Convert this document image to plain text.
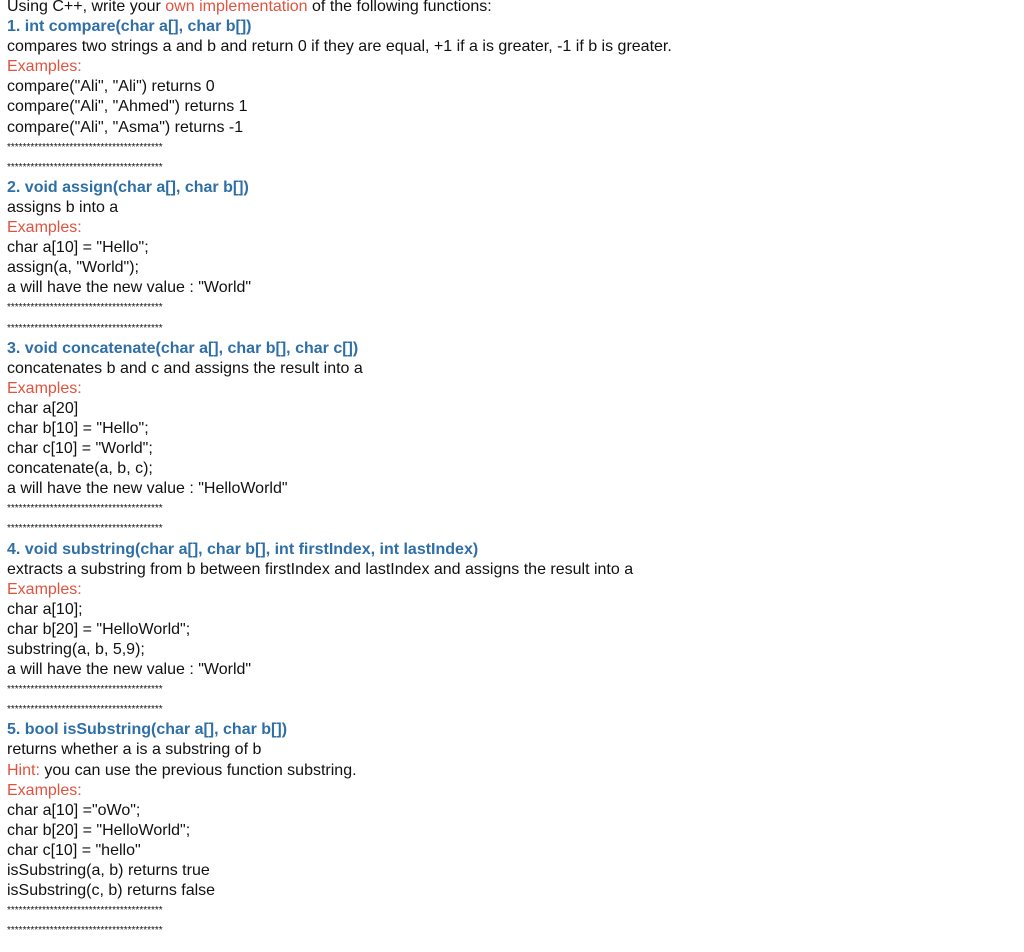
Using C++, write your own implementation of the following functions:
1. int compare(char a[], char b[])
compares two strings a and b and return 0 if they are equal, +1 if a is greater, -1 if b is greater.
Examples:
compare("Ali", "Ali") returns 0
compare("Ali", "Ahmed") returns 1
compare("Ali", "Asma") returns -1
****************************************
****************************************
2. void assign(char a[], char b[])
assigns b into a
Examples:
char a[10] = "Hello";
assign(a, "World");
a will have the new value : "World"
****************************************
****************************************
3. void concatenate(char a[], char b[], char c[])
concatenates b and c and assigns the result into a
Examples:
char a[20]
char b[10] = "Hello";
char c[10] = "World";
concatenate(a, b, c);
a will have the new value : "HelloWorld"
****************************************
****************************************
4. void substring(char a[], char b[], int firstIndex, int lastIndex)
extracts a substring from b between firstIndex and lastIndex and assigns the result into a
Examples:
char a[10];
char b[20] = "HelloWorld";
substring(a, b, 5,9);
a will have the new value : "World"
****************************************
****************************************
5. bool isSubstring(char a[], char b[])
returns whether a is a substring of b
Hint: you can use the previous function substring.
Examples:
char a[10] ="oWo";
char b[20] = "HelloWorld";
char c[10] = "hello"
isSubstring(a, b) returns true
isSubstring(c, b) returns false
****************************************
****************************************
